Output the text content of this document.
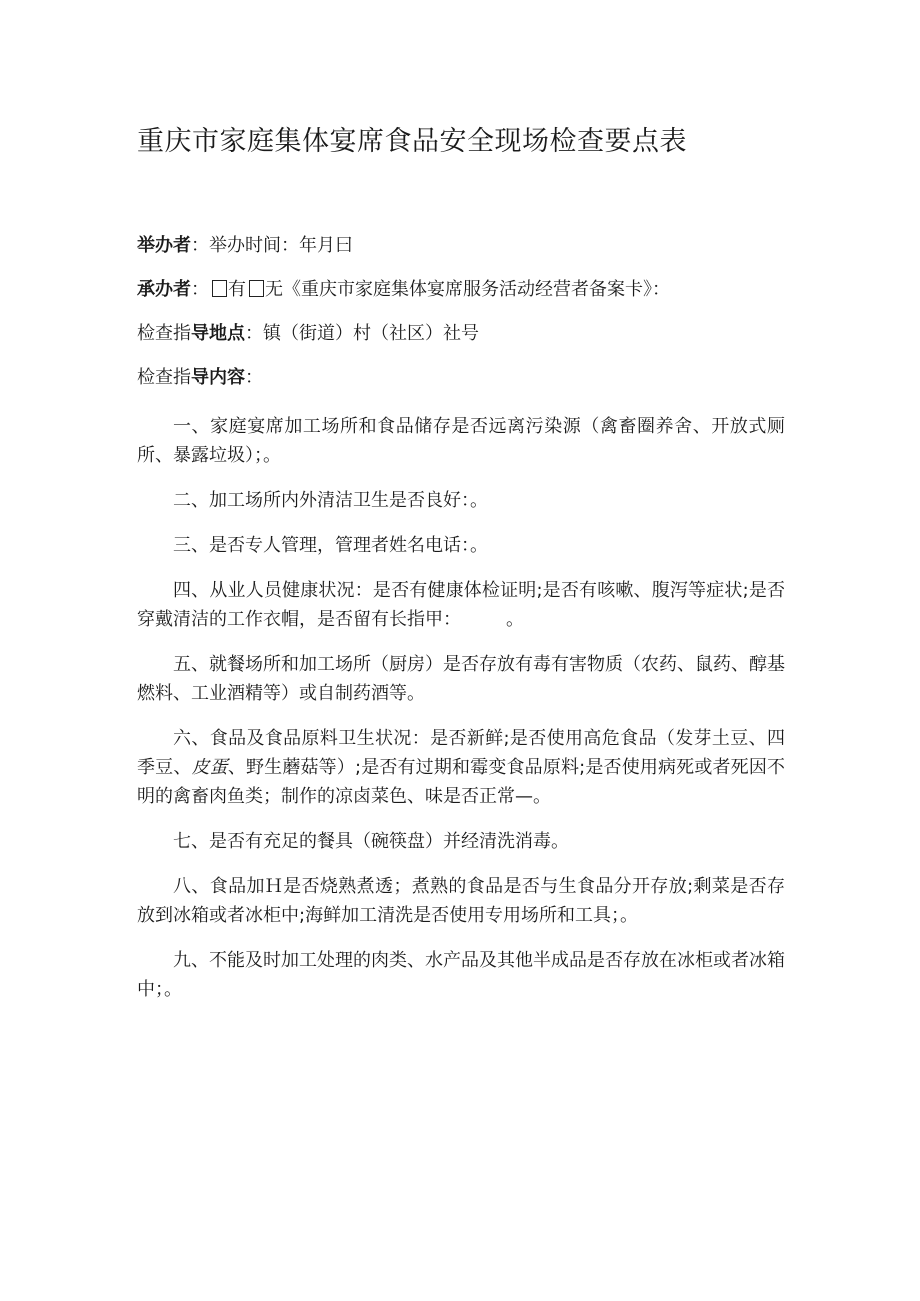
重庆市家庭集体宴席食品安全现场检查要点表

举办者：举办时间：年月曰

承办者： 有 无《重庆市家庭集体宴席服务活动经营者备案卡》：

检查指导地点：镇（街道）村（社区）社号

检查指导内容：

一、家庭宴席加工场所和食品储存是否远离污染源（禽畜圈养舍、开放式厕所、暴露垃圾）；。

二、加工场所内外清洁卫生是否良好：。

三、是否专人管理，管理者姓名电话：。

四、从业人员健康状况：是否有健康体检证明;是否有咳嗽、腹泻等症状;是否穿戴清洁的工作衣帽，是否留有长指甲：　　　。

五、就餐场所和加工场所（厨房）是否存放有毒有害物质（农药、鼠药、醇基燃料、工业酒精等）或自制药酒等。

六、食品及食品原料卫生状况：是否新鲜;是否使用高危食品（发芽土豆、四季豆、皮蛋、野生蘑菇等）;是否有过期和霉变食品原料;是否使用病死或者死因不明的禽畜肉鱼类；制作的凉卤菜色、味是否正常—。

七、是否有充足的餐具（碗筷盘）并经清洗消毒。

八、食品加Ｈ是否烧熟煮透；煮熟的食品是否与生食品分开存放;剩菜是否存放到冰箱或者冰柜中;海鲜加工清洗是否使用专用场所和工具；。

九、不能及时加工处理的肉类、水产品及其他半成品是否存放在冰柜或者冰箱中；。
